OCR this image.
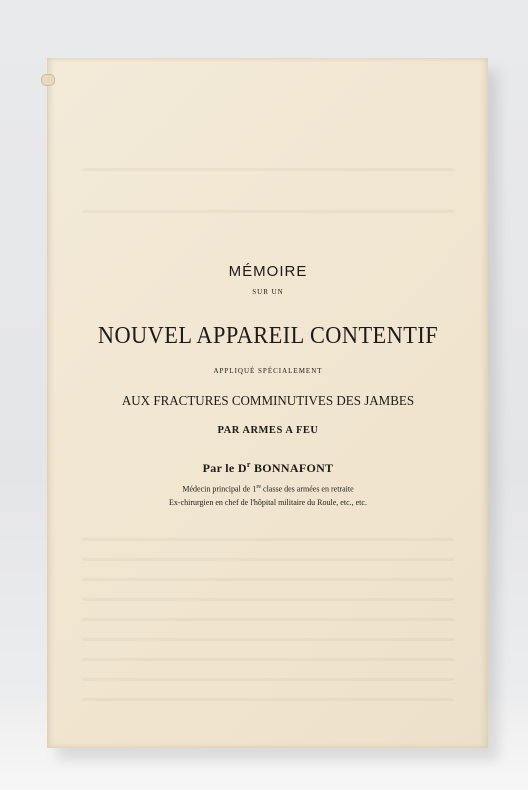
MÉMOIRE
SUR UN
NOUVEL APPAREIL CONTENTIF
APPLIQUÉ SPÉCIALEMENT
AUX FRACTURES COMMINUTIVES DES JAMBES
PAR ARMES A FEU
Par le $D^r$ BONNAFONT
Médecin principal de 1re classe des armées en retraite
Ex-chirurgien en chef de l'hôpital militaire du Roule, etc., etc.
